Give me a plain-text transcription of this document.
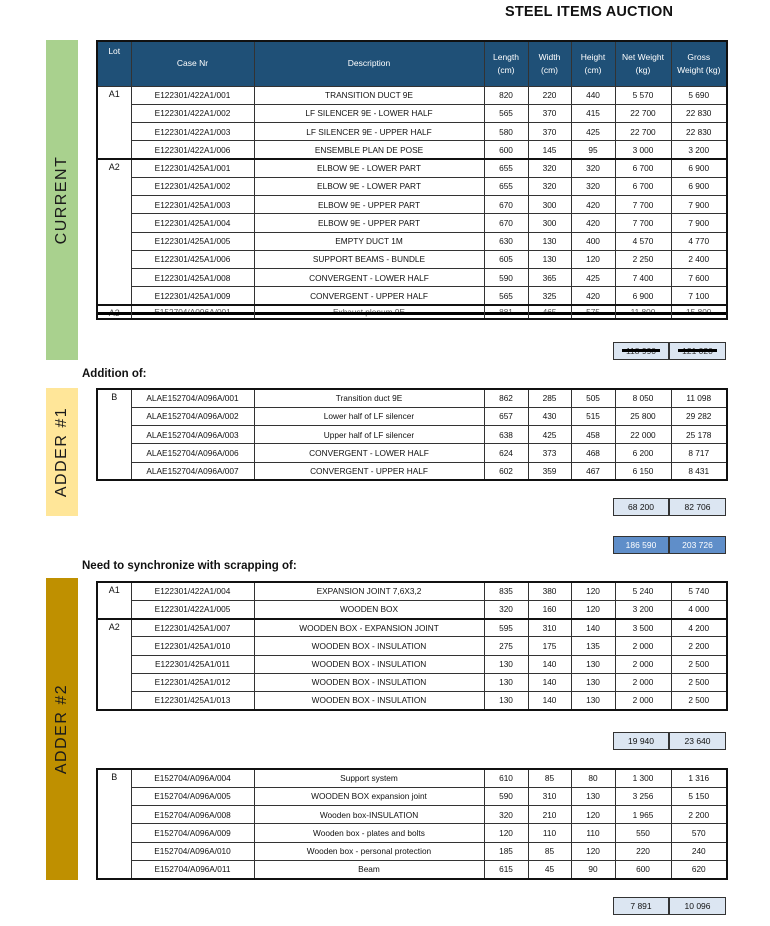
STEEL ITEMS AUCTION
CURRENT
ADDER #1
ADDER #2
Lot	Case Nr	Description	Length (cm)	Width (cm)	Height (cm)	Net Weight (kg)	Gross Weight (kg)
A1	E122301/422A1/001	TRANSITION DUCT 9E	820	220	440	5 570	5 690
	E122301/422A1/002	LF SILENCER 9E - LOWER HALF	565	370	415	22 700	22 830
	E122301/422A1/003	LF SILENCER 9E - UPPER HALF	580	370	425	22 700	22 830
	E122301/422A1/006	ENSEMBLE PLAN DE POSE	600	145	95	3 000	3 200
A2	E122301/425A1/001	ELBOW 9E - LOWER PART	655	320	320	6 700	6 900
	E122301/425A1/002	ELBOW 9E - LOWER PART	655	320	320	6 700	6 900
	E122301/425A1/003	ELBOW 9E - UPPER PART	670	300	420	7 700	7 900
	E122301/425A1/004	ELBOW 9E - UPPER PART	670	300	420	7 700	7 900
	E122301/425A1/005	EMPTY DUCT 1M	630	130	400	4 570	4 770
	E122301/425A1/006	SUPPORT BEAMS - BUNDLE	605	130	120	2 250	2 400
	E122301/425A1/008	CONVERGENT - LOWER HALF	590	365	425	7 400	7 600
	E122301/425A1/009	CONVERGENT - UPPER HALF	565	325	420	6 900	7 100
A3	E152704/A096A/001	Exhaust plenum 9E	881	465	575	11 800	15 800
118 990	121 020
Addition of:
B	ALAE152704/A096A/001	Transition duct 9E	862	285	505	8 050	11 098
	ALAE152704/A096A/002	Lower half of LF silencer	657	430	515	25 800	29 282
	ALAE152704/A096A/003	Upper half of LF silencer	638	425	458	22 000	25 178
	ALAE152704/A096A/006	CONVERGENT - LOWER HALF	624	373	468	6 200	8 717
	ALAE152704/A096A/007	CONVERGENT - UPPER HALF	602	359	467	6 150	8 431
68 200	82 706
186 590	203 726
Need to synchronize with scrapping of:
A1	E122301/422A1/004	EXPANSION JOINT 7,6X3,2	835	380	120	5 240	5 740
	E122301/422A1/005	WOODEN BOX	320	160	120	3 200	4 000
A2	E122301/425A1/007	WOODEN BOX - EXPANSION JOINT	595	310	140	3 500	4 200
	E122301/425A1/010	WOODEN BOX - INSULATION	275	175	135	2 000	2 200
	E122301/425A1/011	WOODEN BOX - INSULATION	130	140	130	2 000	2 500
	E122301/425A1/012	WOODEN BOX - INSULATION	130	140	130	2 000	2 500
	E122301/425A1/013	WOODEN BOX - INSULATION	130	140	130	2 000	2 500
19 940	23 640
B	E152704/A096A/004	Support system	610	85	80	1 300	1 316
	E152704/A096A/005	WOODEN BOX expansion joint	590	310	130	3 256	5 150
	E152704/A096A/008	Wooden box-INSULATION	320	210	120	1 965	2 200
	E152704/A096A/009	Wooden box - plates and bolts	120	110	110	550	570
	E152704/A096A/010	Wooden box - personal protection	185	85	120	220	240
	E152704/A096A/011	Beam	615	45	90	600	620
7 891	10 096
